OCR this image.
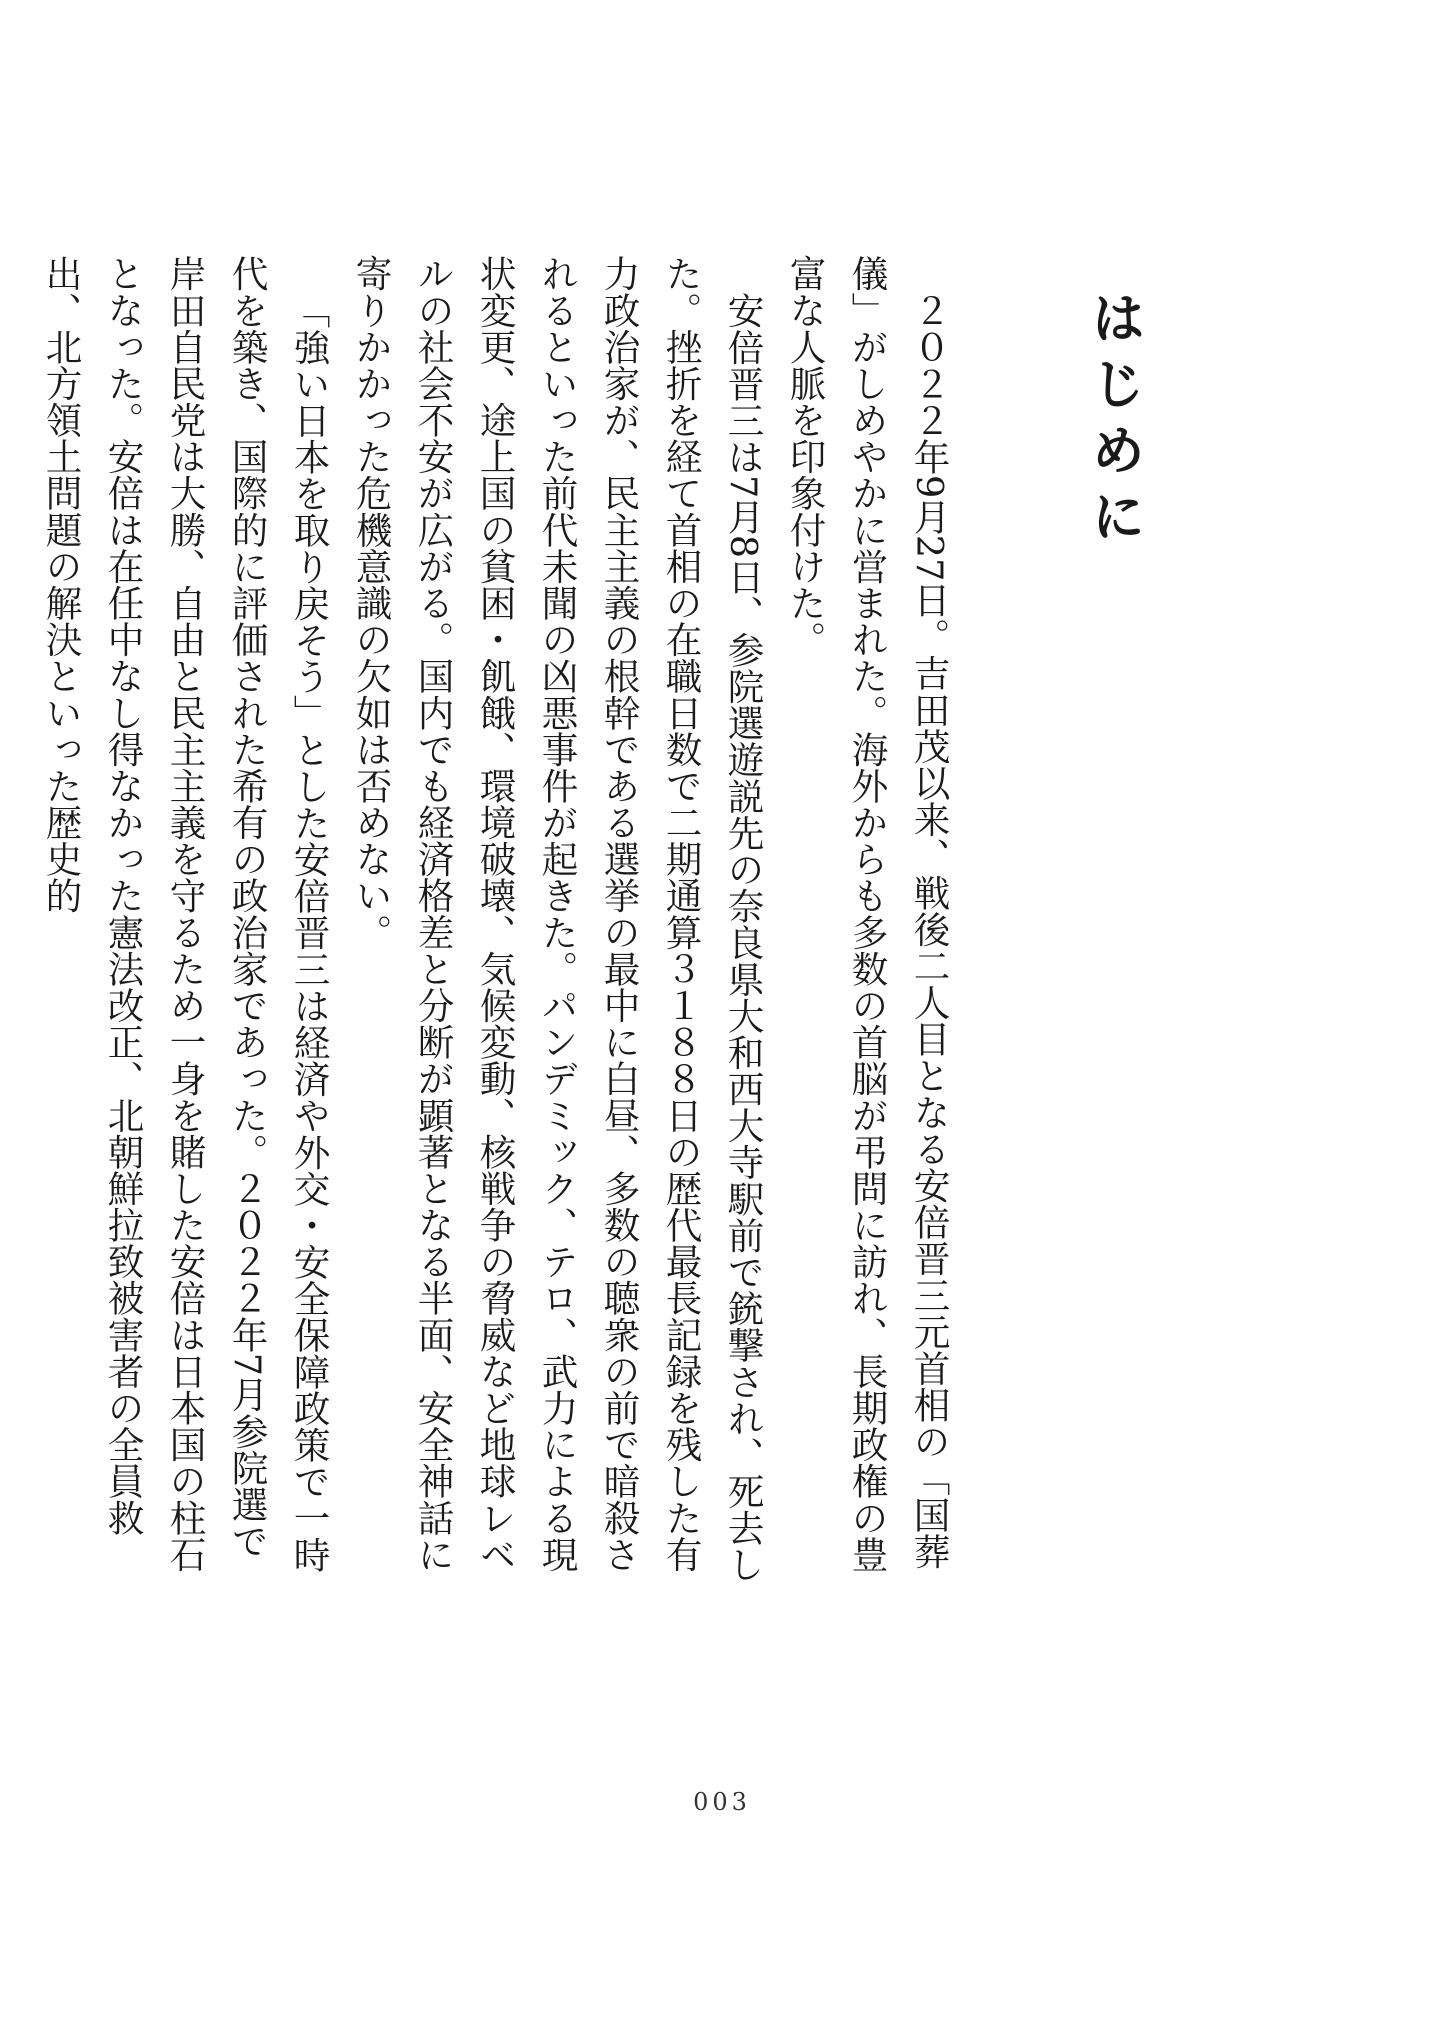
はじめに

２０２２年9月27日。吉田茂以来、戦後二人目となる安倍晋三元首相の「国葬儀」がしめやかに営まれた。海外からも多数の首脳が弔問に訪れ、長期政権の豊富な人脈を印象付けた。

安倍晋三は7月8日、参院選遊説先の奈良県大和西大寺駅前で銃撃され、死去した。挫折を経て首相の在職日数で二期通算３１８８日の歴代最長記録を残した有力政治家が、民主主義の根幹である選挙の最中に白昼、多数の聴衆の前で暗殺されるといった前代未聞の凶悪事件が起きた。パンデミック、テロ、武力による現状変更、途上国の貧困・飢餓、環境破壊、気候変動、核戦争の脅威など地球レベルの社会不安が広がる。国内でも経済格差と分断が顕著となる半面、安全神話に寄りかかった危機意識の欠如は否めない。

「強い日本を取り戻そう」とした安倍晋三は経済や外交・安全保障政策で一時代を築き、国際的に評価された希有の政治家であった。２０２２年7月参院選で岸田自民党は大勝、自由と民主主義を守るため一身を賭した安倍は日本国の柱石となった。安倍は在任中なし得なかった憲法改正、北朝鮮拉致被害者の全員救出、北方領土問題の解決といった歴史的

003
